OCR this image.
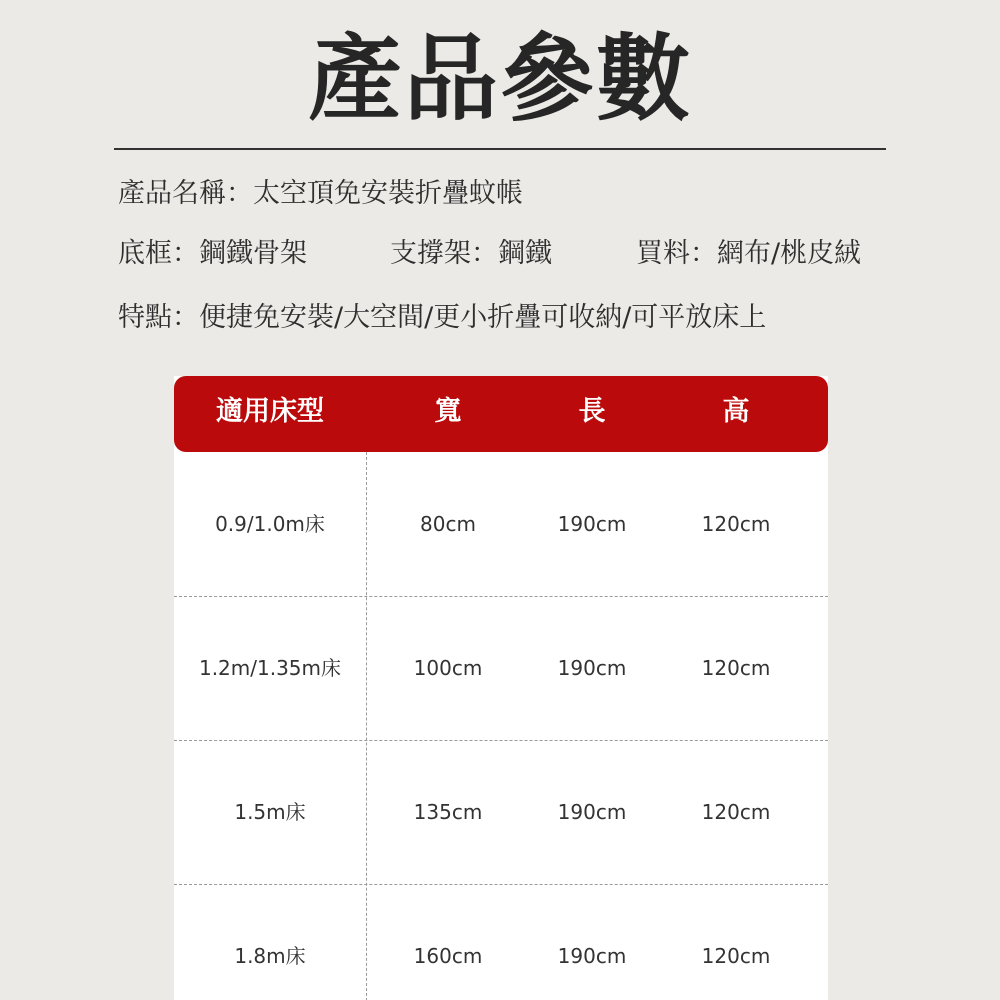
產品參數
產品名稱：太空頂免安裝折疊蚊帳
底框：鋼鐵骨架	支撐架：鋼鐵	買料：網布/桃皮絨
特點：便捷免安裝/大空間/更小折疊可收納/可平放床上
適用床型	寬	長	高
0.9/1.0m床	80cm	190cm	120cm
1.2m/1.35m床	100cm	190cm	120cm
1.5m床	135cm	190cm	120cm
1.8m床	160cm	190cm	120cm
